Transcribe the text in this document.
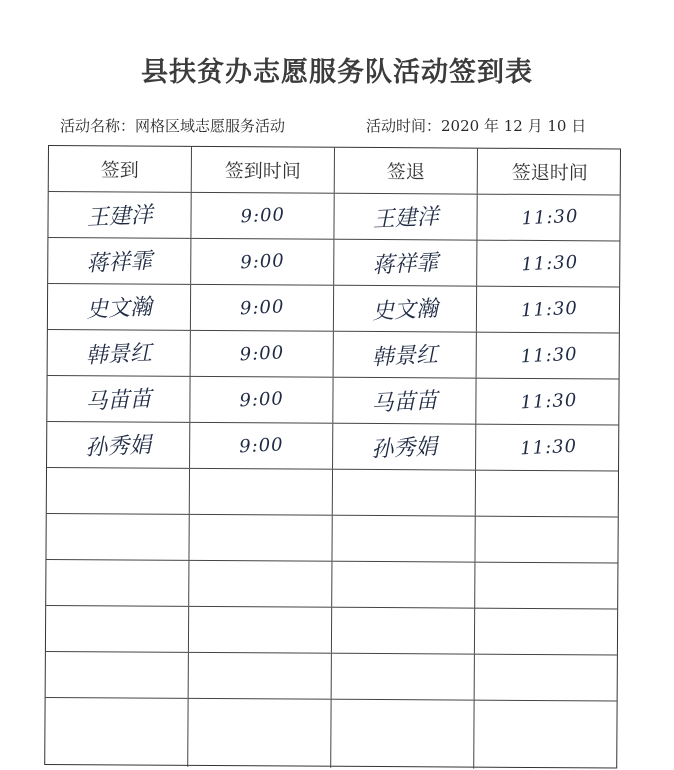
县扶贫办志愿服务队活动签到表
活动名称：网格区域志愿服务活动	活动时间：2020 年 12 月 10 日
签到	签到时间	签退	签退时间
王建洋	9:00	王建洋	11:30
蒋祥霏	9:00	蒋祥霏	11:30
史文瀚	9:00	史文瀚	11:30
韩景红	9:00	韩景红	11:30
马苗苗	9:00	马苗苗	11:30
孙秀娟	9:00	孙秀娟	11:30
